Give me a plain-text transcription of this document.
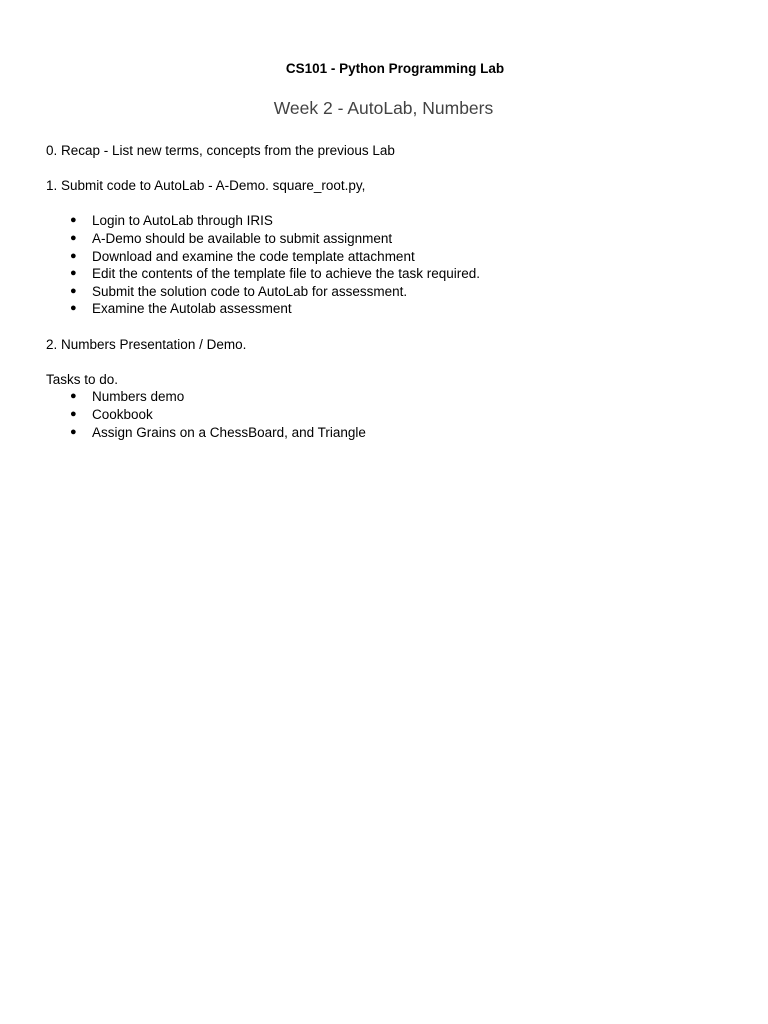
CS101 - Python Programming Lab
Week 2 - AutoLab, Numbers

0. Recap - List new terms, concepts from the previous Lab

1. Submit code to AutoLab - A-Demo. square_root.py,

● Login to AutoLab through IRIS
● A-Demo should be available to submit assignment
● Download and examine the code template attachment
● Edit the contents of the template file to achieve the task required.
● Submit the solution code to AutoLab for assessment.
● Examine the Autolab assessment

2. Numbers Presentation / Demo.

Tasks to do.

● Numbers demo
● Cookbook
● Assign Grains on a ChessBoard, and Triangle
